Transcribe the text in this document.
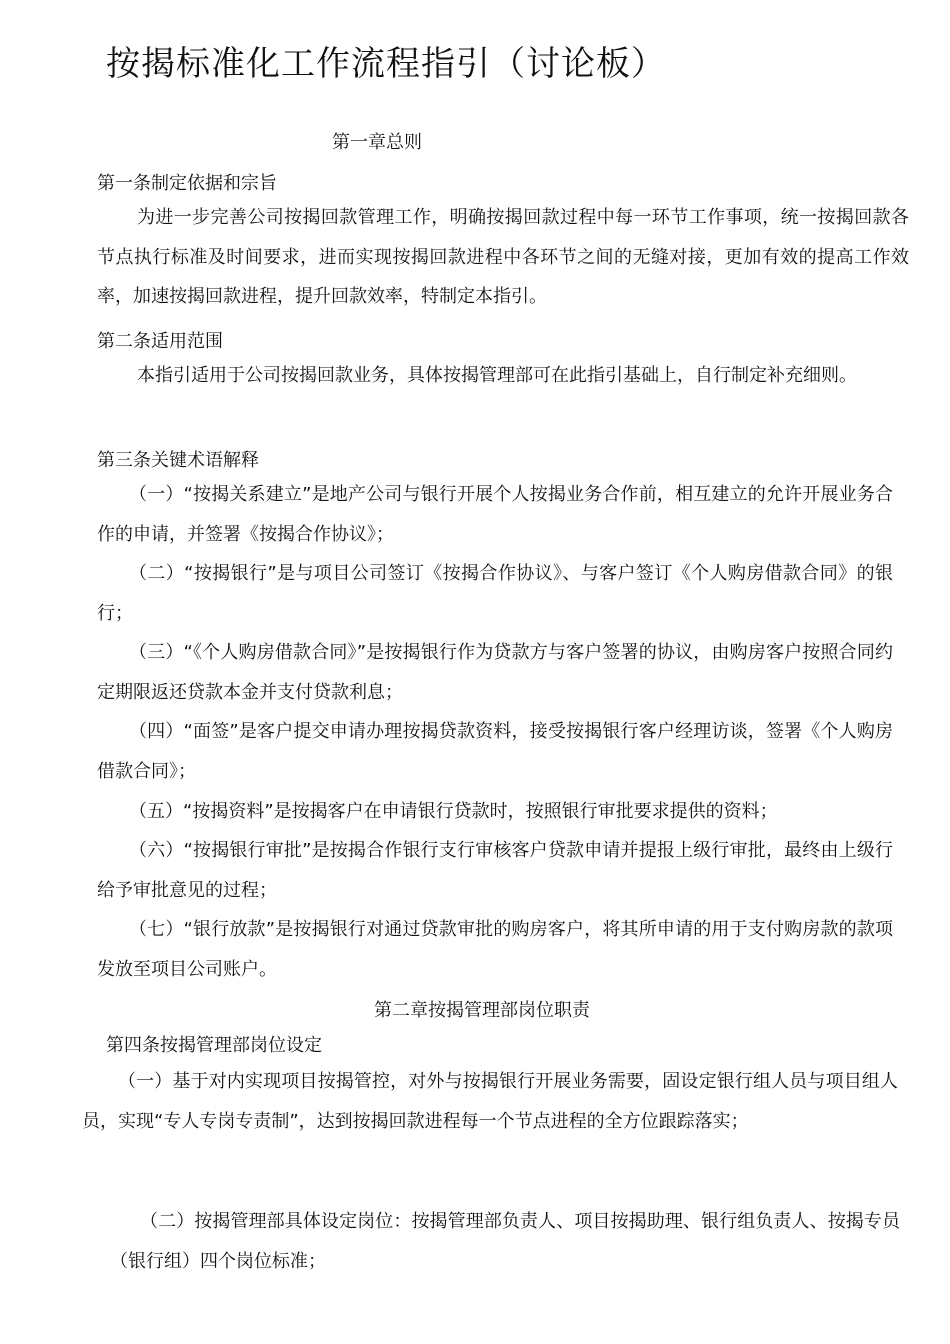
按揭标准化工作流程指引（讨论板）
第一章总则
第一条制定依据和宗旨
为进一步完善公司按揭回款管理工作，明确按揭回款过程中每一环节工作事项，统一按揭回款各节点执行标准及时间要求，进而实现按揭回款进程中各环节之间的无缝对接，更加有效的提高工作效率，加速按揭回款进程，提升回款效率，特制定本指引。
第二条适用范围
本指引适用于公司按揭回款业务，具体按揭管理部可在此指引基础上，自行制定补充细则。
第三条关键术语解释
（一）“按揭关系建立”是地产公司与银行开展个人按揭业务合作前，相互建立的允许开展业务合作的申请，并签署《按揭合作协议》；
（二）“按揭银行”是与项目公司签订《按揭合作协议》、与客户签订《个人购房借款合同》的银行；
（三）“《个人购房借款合同》”是按揭银行作为贷款方与客户签署的协议，由购房客户按照合同约定期限返还贷款本金并支付贷款利息；
（四）“面签”是客户提交申请办理按揭贷款资料，接受按揭银行客户经理访谈，签署《个人购房借款合同》；
（五）“按揭资料”是按揭客户在申请银行贷款时，按照银行审批要求提供的资料；
（六）“按揭银行审批”是按揭合作银行支行审核客户贷款申请并提报上级行审批，最终由上级行给予审批意见的过程；
（七）“银行放款”是按揭银行对通过贷款审批的购房客户，将其所申请的用于支付购房款的款项发放至项目公司账户。
第二章按揭管理部岗位职责
第四条按揭管理部岗位设定
（一）基于对内实现项目按揭管控，对外与按揭银行开展业务需要，固设定银行组人员与项目组人员，实现“专人专岗专责制”，达到按揭回款进程每一个节点进程的全方位跟踪落实；
（二）按揭管理部具体设定岗位：按揭管理部负责人、项目按揭助理、银行组负责人、按揭专员（银行组）四个岗位标准；
